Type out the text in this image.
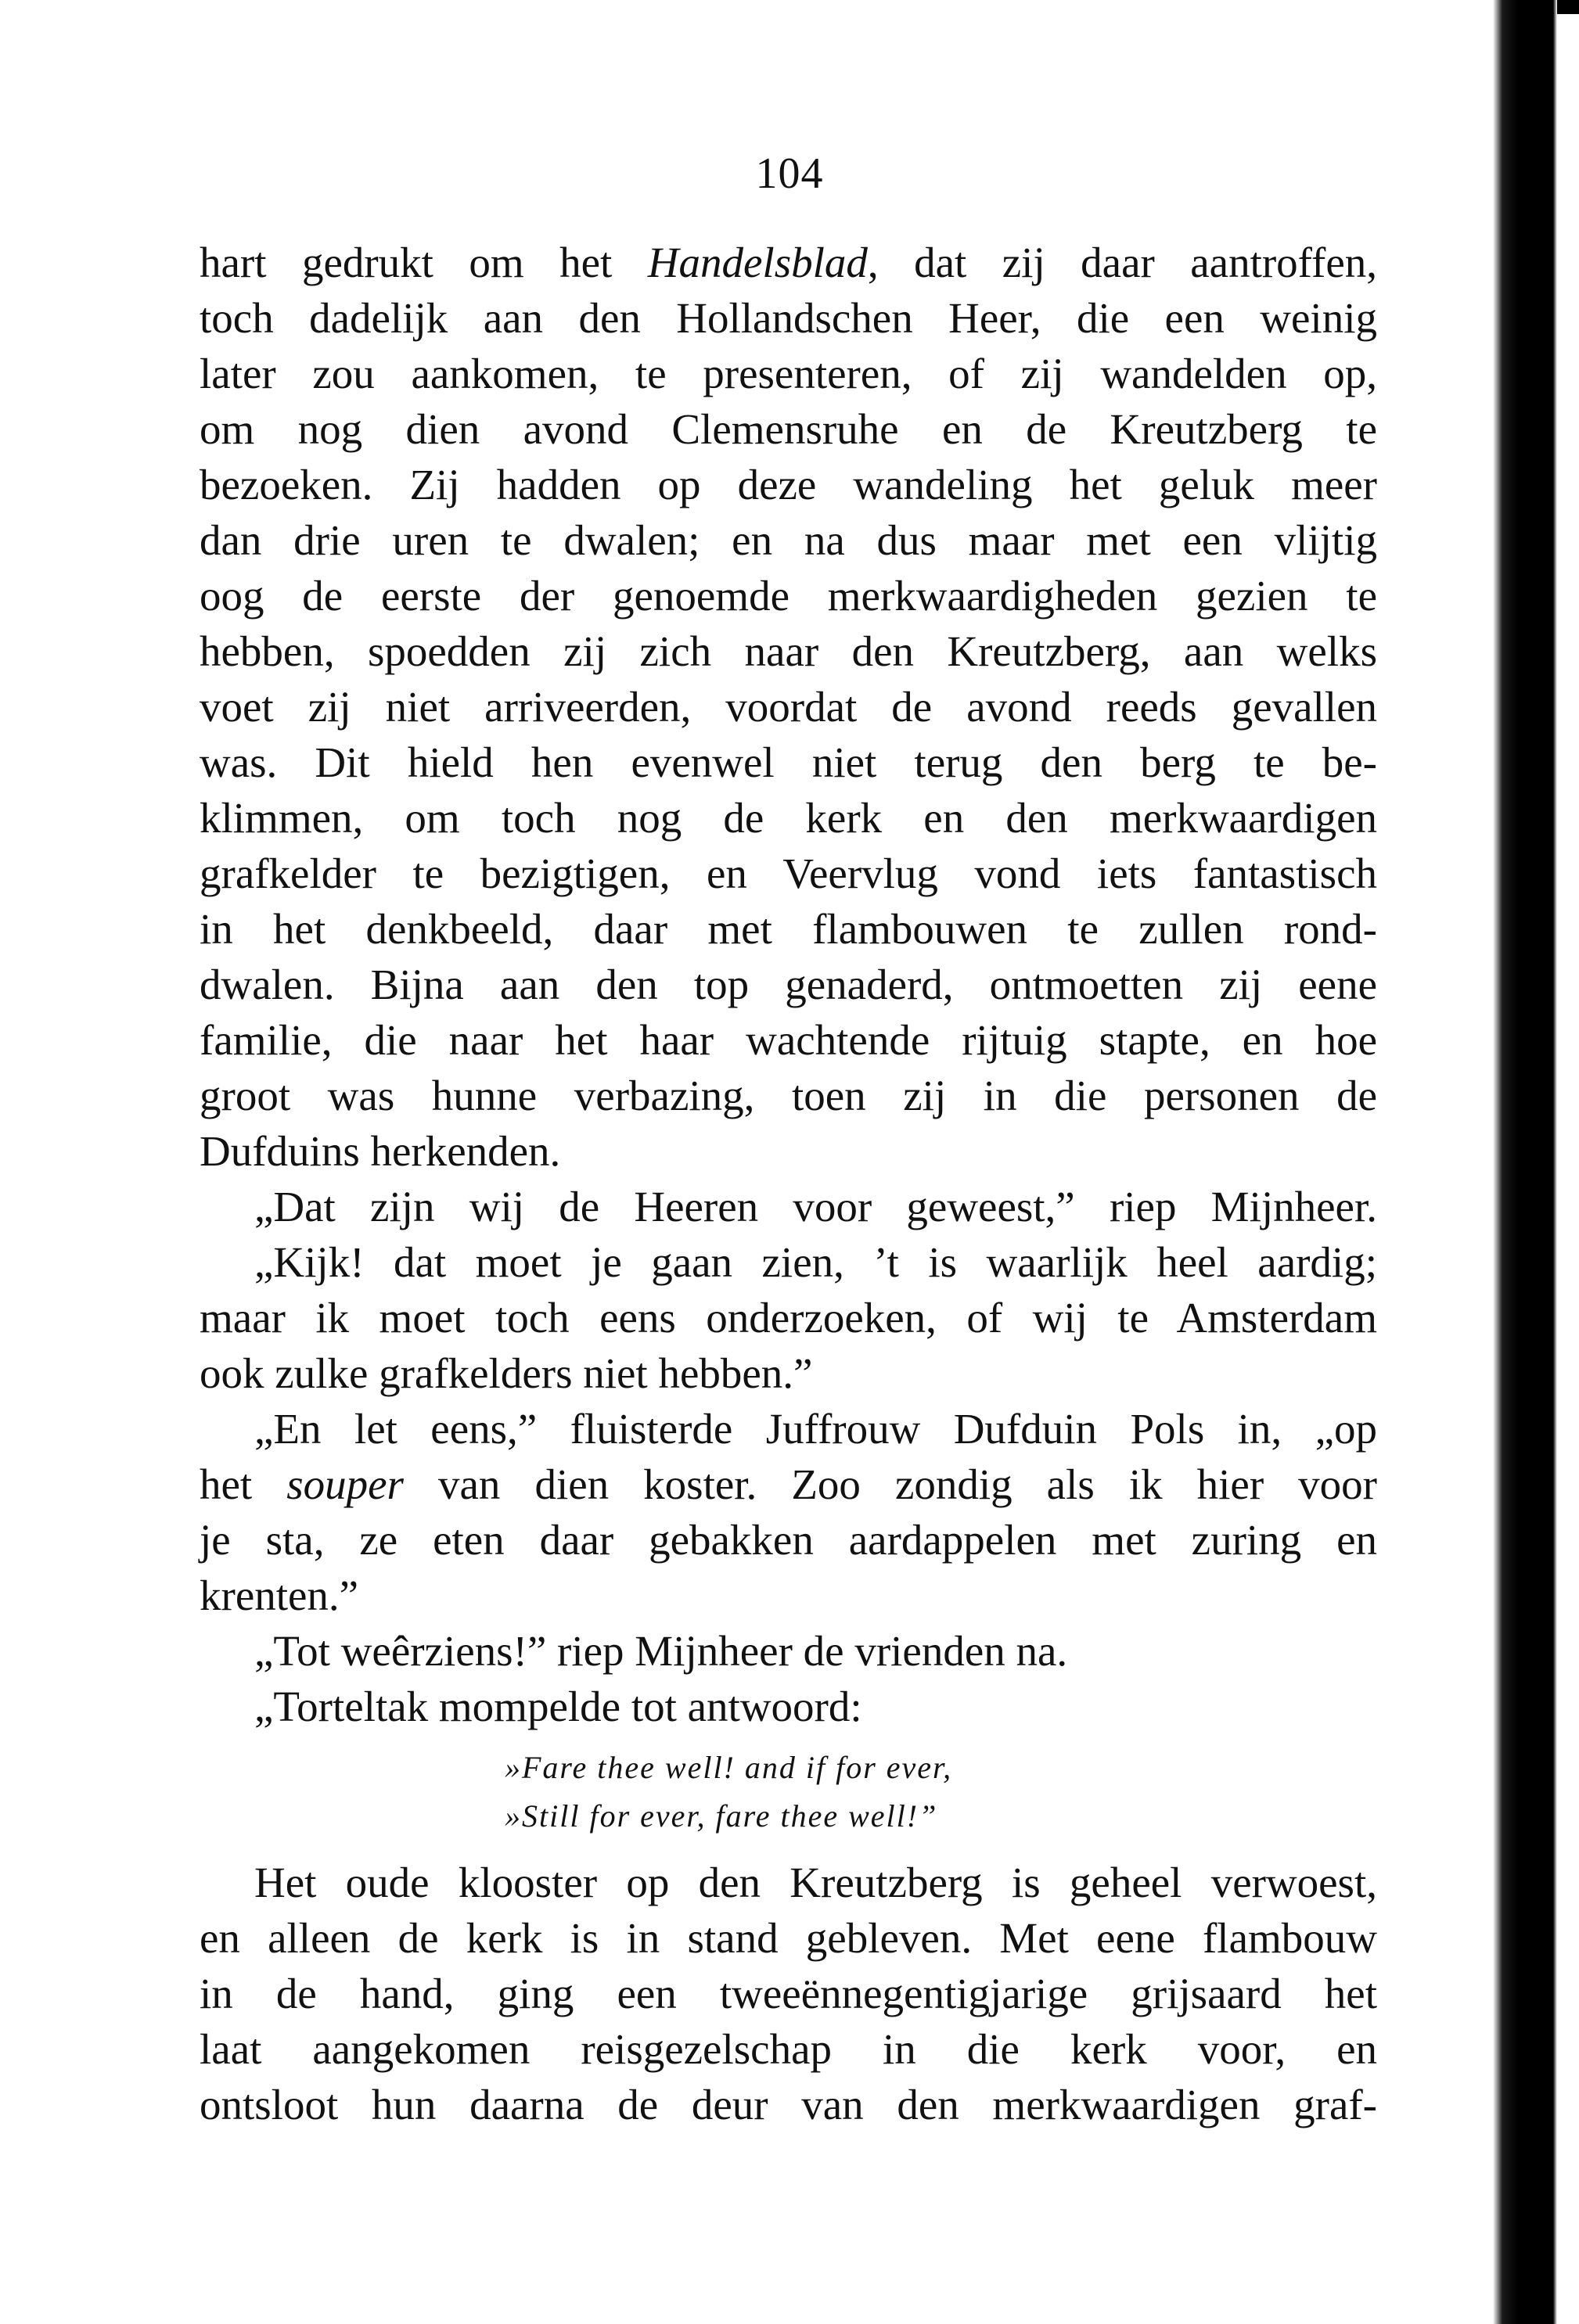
104
hart gedrukt om het Handelsblad, dat zij daar aantroffen,
toch dadelijk aan den Hollandschen Heer, die een weinig
later zou aankomen, te presenteren, of zij wandelden op,
om nog dien avond Clemensruhe en de Kreutzberg te
bezoeken. Zij hadden op deze wandeling het geluk meer
dan drie uren te dwalen; en na dus maar met een vlijtig
oog de eerste der genoemde merkwaardigheden gezien te
hebben, spoedden zij zich naar den Kreutzberg, aan welks
voet zij niet arriveerden, voordat de avond reeds gevallen
was. Dit hield hen evenwel niet terug den berg te be-
klimmen, om toch nog de kerk en den merkwaardigen
grafkelder te bezigtigen, en Veervlug vond iets fantastisch
in het denkbeeld, daar met flambouwen te zullen rond-
dwalen. Bijna aan den top genaderd, ontmoetten zij eene
familie, die naar het haar wachtende rijtuig stapte, en hoe
groot was hunne verbazing, toen zij in die personen de
Dufduins herkenden.
„Dat zijn wij de Heeren voor geweest,” riep Mijnheer.
„Kijk! dat moet je gaan zien, ’t is waarlijk heel aardig;
maar ik moet toch eens onderzoeken, of wij te Amsterdam
ook zulke grafkelders niet hebben.”
„En let eens,” fluisterde Juffrouw Dufduin Pols in, „op
het souper van dien koster. Zoo zondig als ik hier voor
je sta, ze eten daar gebakken aardappelen met zuring en
krenten.”
„Tot weêrziens!” riep Mijnheer de vrienden na.
„Torteltak mompelde tot antwoord:
»Fare thee well! and if for ever,
»Still for ever, fare thee well!”
Het oude klooster op den Kreutzberg is geheel verwoest,
en alleen de kerk is in stand gebleven. Met eene flambouw
in de hand, ging een tweeënnegentigjarige grijsaard het
laat aangekomen reisgezelschap in die kerk voor, en
ontsloot hun daarna de deur van den merkwaardigen graf-
